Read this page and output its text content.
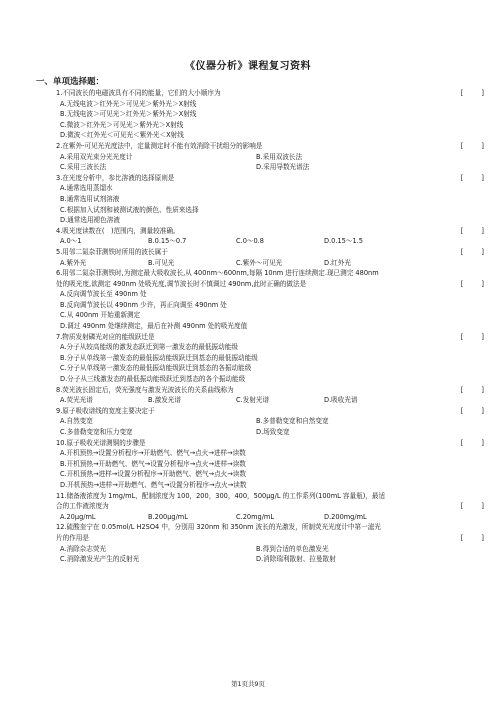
《仪器分析》课程复习资料
一、单项选择题：
1.不同波长的电磁波具有不同的能量，它们的大小顺序为	[ ]
A.无线电波＞红外光＞可见光＞紫外光＞X射线
B.无线电波＞可见光＞红外光＞紫外光＞X射线
C.微波＞红外光＞可见光＞紫外光＞X射线
D.微波＜红外光＜可见光＜紫外光＜X射线
2.在紫外-可见光光度法中，定量测定时不能有效消除干扰组分的影响是	[ ]
A.采用双光束分光光度计	B.采用双波长法
C.采用三波长法	D.采用导数光谱法
3.在光度分析中，参比溶液的选择原则是	[ ]
A.通常选用蒸馏水
B.通常选用试剂溶液
C.根据加入试剂和被测试液的颜色、性质来选择
D.通常选用褪色溶液
4.吸光度读数在(　)范围内，测量较准确。	[ ]
A.0～1	B.0.15～0.7	C.0～0.8	D.0.15～1.5
5.用邻二氮杂菲测铁时所用的波长属于	[ ]
A.紫外光	B.可见光	C.紫外～可见光	D.红外光
6.用邻二氮杂菲测铁时,为测定最大吸收波长,从 400nm～600nm,每隔 10nm 进行连续测定.现已测完 480nm
处的吸光度,欲测定 490nm 处吸光度,调节波长时不慎调过 490nm,此时正确的做法是	[ ]
A.反向调节波长至 490nm 处
B.反向调节波长以 490nm 少许，再正向调至 490nm 处
C.从 400nm 开始重新测定
D.调过 490nm 处继续测定，最后在补测 490nm 处的吸光度值
7.物质发射磷光对应的能级跃迁是	[ ]
A.分子从较高能级的激发态跃迁到第一激发态的最低振动能级
B.分子从单线第一激发态的最低振动能级跃迁到基态的最低振动能级
C.分子从单线第一激发态的最低振动能级跃迁到基态的各振动能级
D.分子从三线激发态的最低振动能级跃迁到基态的各个振动能级
8.荧光波长固定后，荧光强度与激发光波波长的关系曲线称为	[ ]
A.荧光光谱	B.激发光谱	C.发射光谱	D.吸收光谱
9.原子吸收谱线的宽度主要决定于	[ ]
A.自然变宽	B.多普勒变宽和自然变宽
C.多普勒变宽和压力变宽	D.场致变宽
10.原子吸收光谱测铜的步骤是	[ ]
A.开机预热→设置分析程序→开助燃气、燃气→点火→进样→读数
B.开机预热→开助燃气、燃气→设置分析程序→点火→进样→读数
C.开机预热→进样→设置分析程序→开助燃气、燃气→点火→读数
D.开机预热→进样→开助燃气、燃气→设置分析程序→点火→读数
11.储备液浓度为 1mg/mL，配制浓度为 100，200，300，400，500μg/L 的工作系列(100mL 容量瓶)，最适
合的工作液浓度为	[ ]
A.20μg/mL	B.200μg/mL	C.20mg/mL	D.200mg/mL
12.硫酸奎宁在 0.05mol/L H2SO4 中，分别用 320nm 和 350nm 波长的光激发，所制荧光光度计中第一滤光
片的作用是	[ ]
A.消除杂志荧光	B.得到合适的单色激发光
C.消除激发光产生的反射光	D.消除瑞利散射、拉曼散射
第1页共9页
